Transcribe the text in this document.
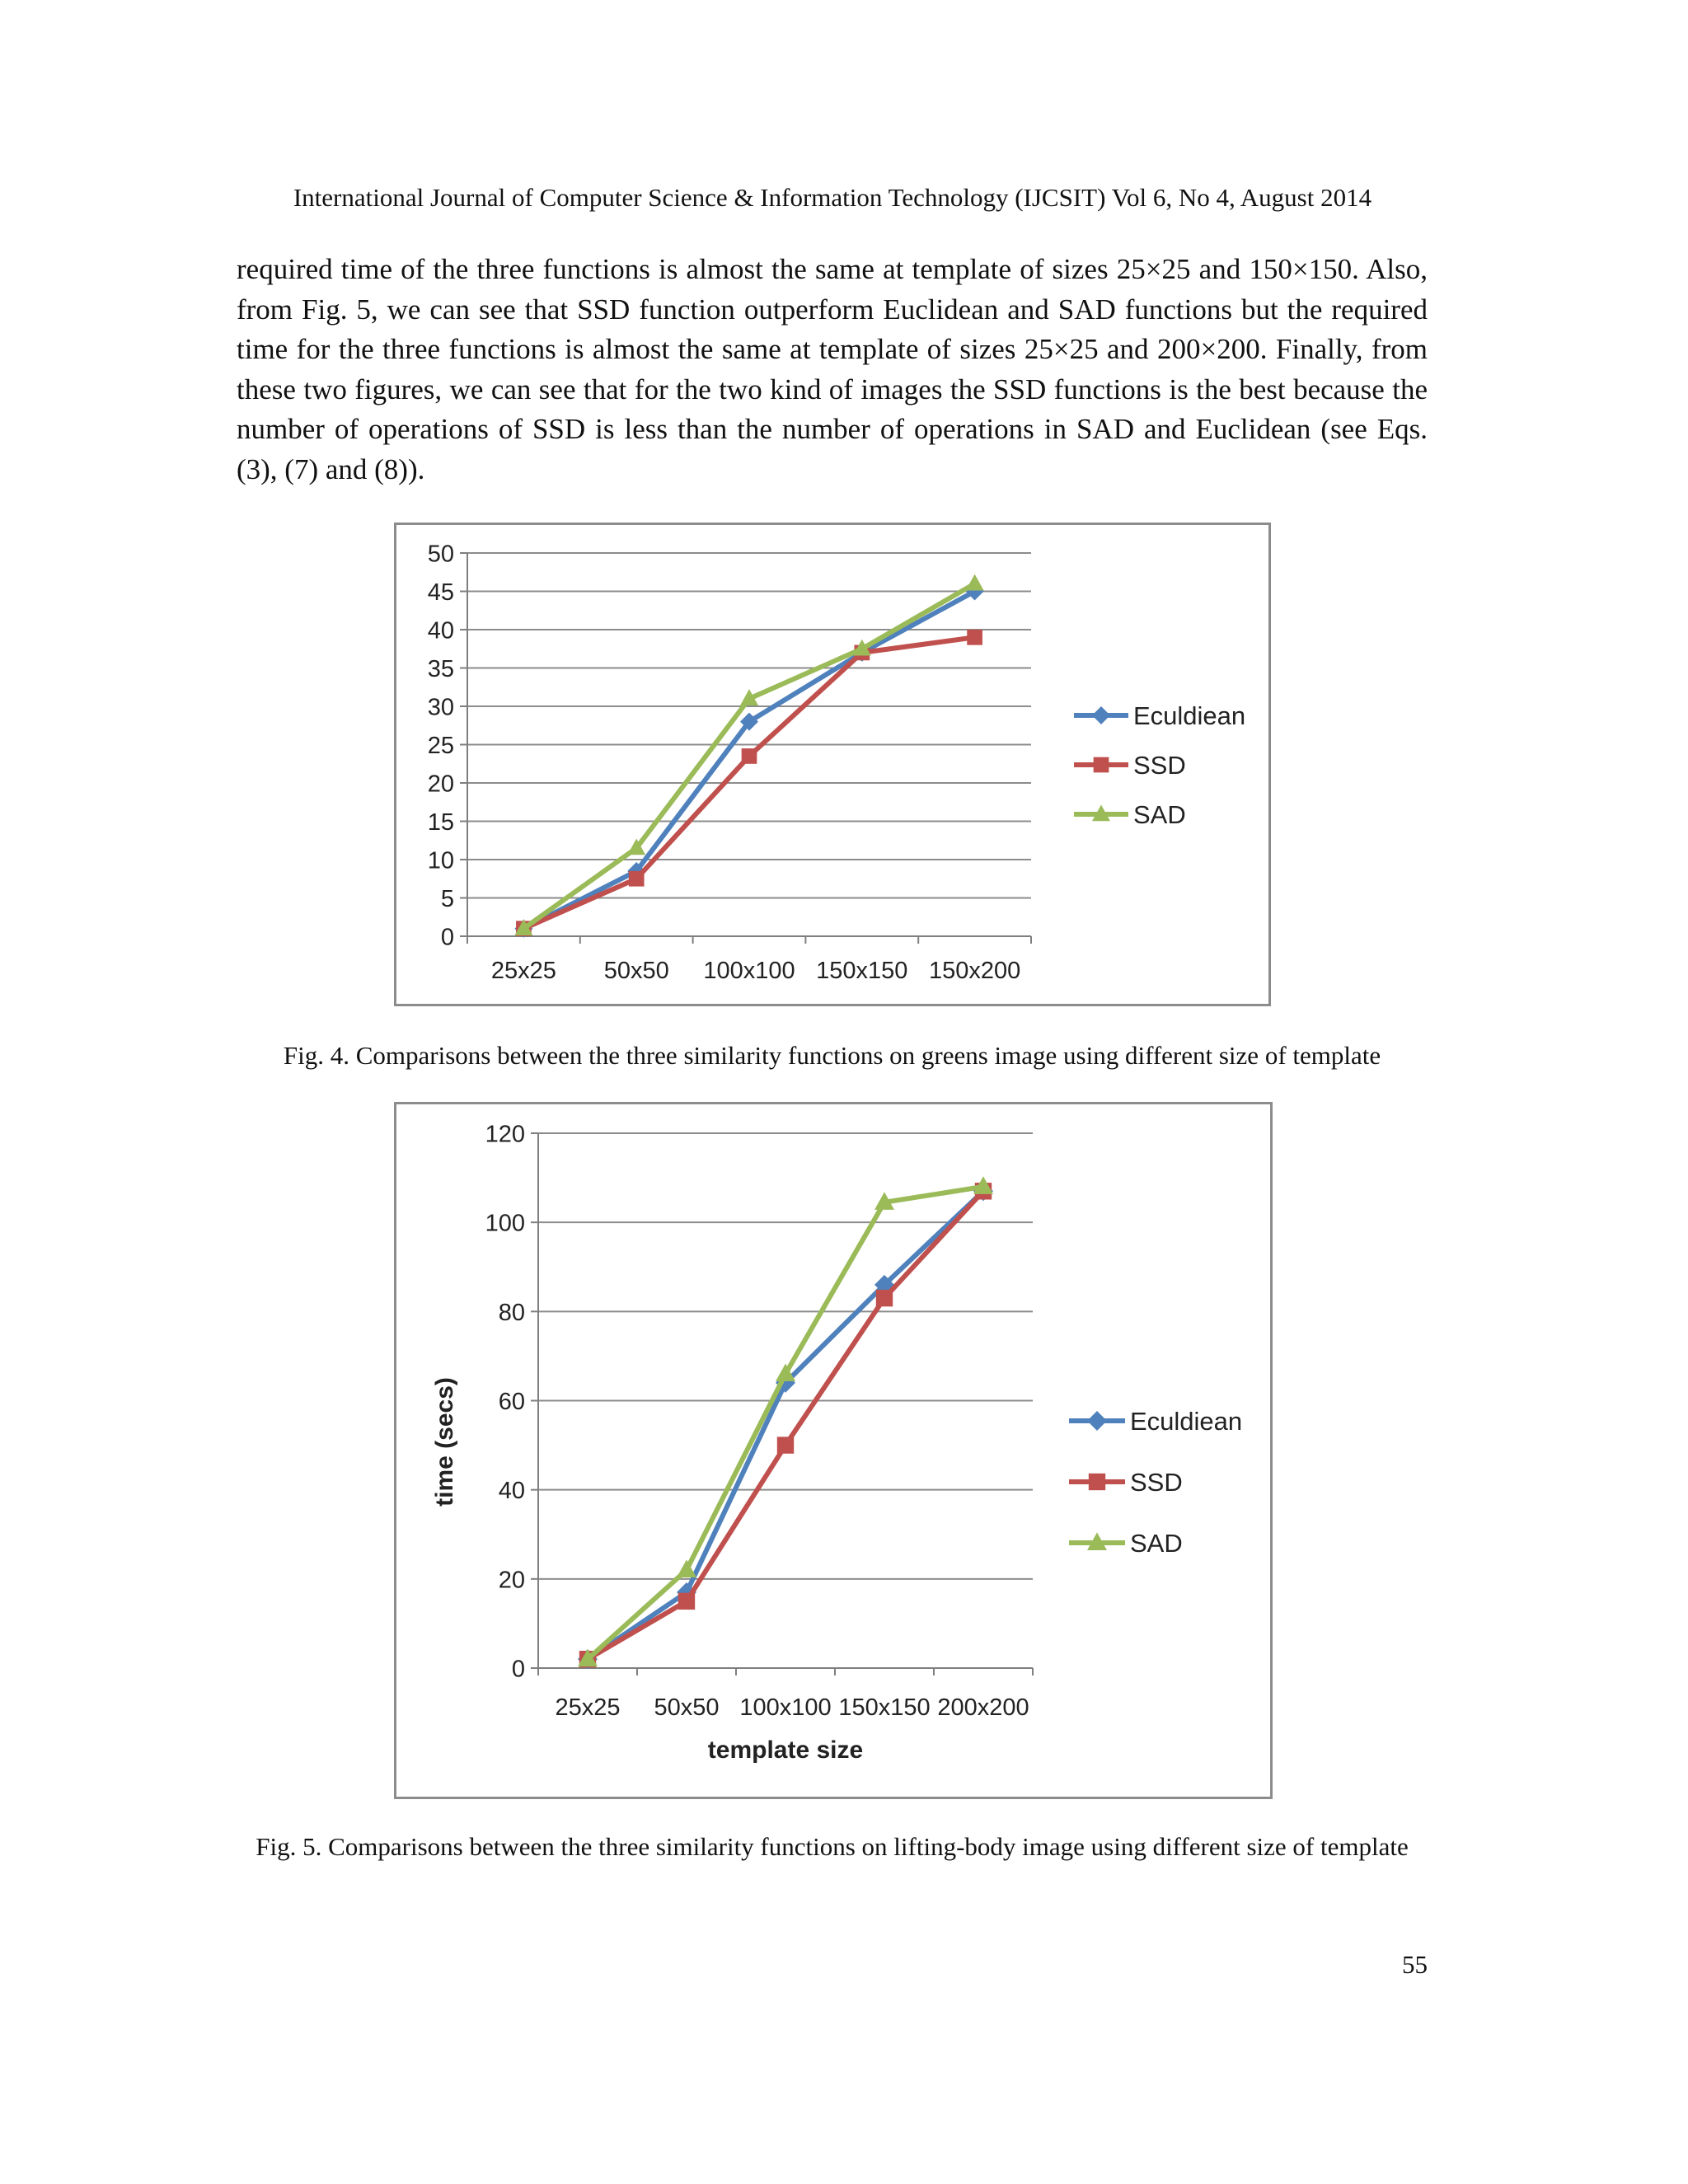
International Journal of Computer Science & Information Technology (IJCSIT) Vol 6, No 4, August 2014

required time of the three functions is almost the same at template of sizes 25×25 and 150×150. Also, from Fig. 5, we can see that SSD function outperform Euclidean and SAD functions but the required time for the three functions is almost the same at template of sizes 25×25 and 200×200. Finally, from these two figures, we can see that for the two kind of images the SSD functions is the best because the number of operations of SSD is less than the number of operations in SAD and Euclidean (see Eqs. (3), (7) and (8)).

0
5
10
15
20
25
30
35
40
45
50
25x25 50x50 100x100 150x150 150x200
Eculdiean
SSD
SAD
Fig. 4. Comparisons between the three similarity functions on greens image using different size of template
0
20
40
60
80
100
120
25x25 50x50 100x100 150x150 200x200
template size
time (secs)	Eculdiean
SSD
SAD
Fig. 5. Comparisons between the three similarity functions on lifting-body image using different size of template
55
